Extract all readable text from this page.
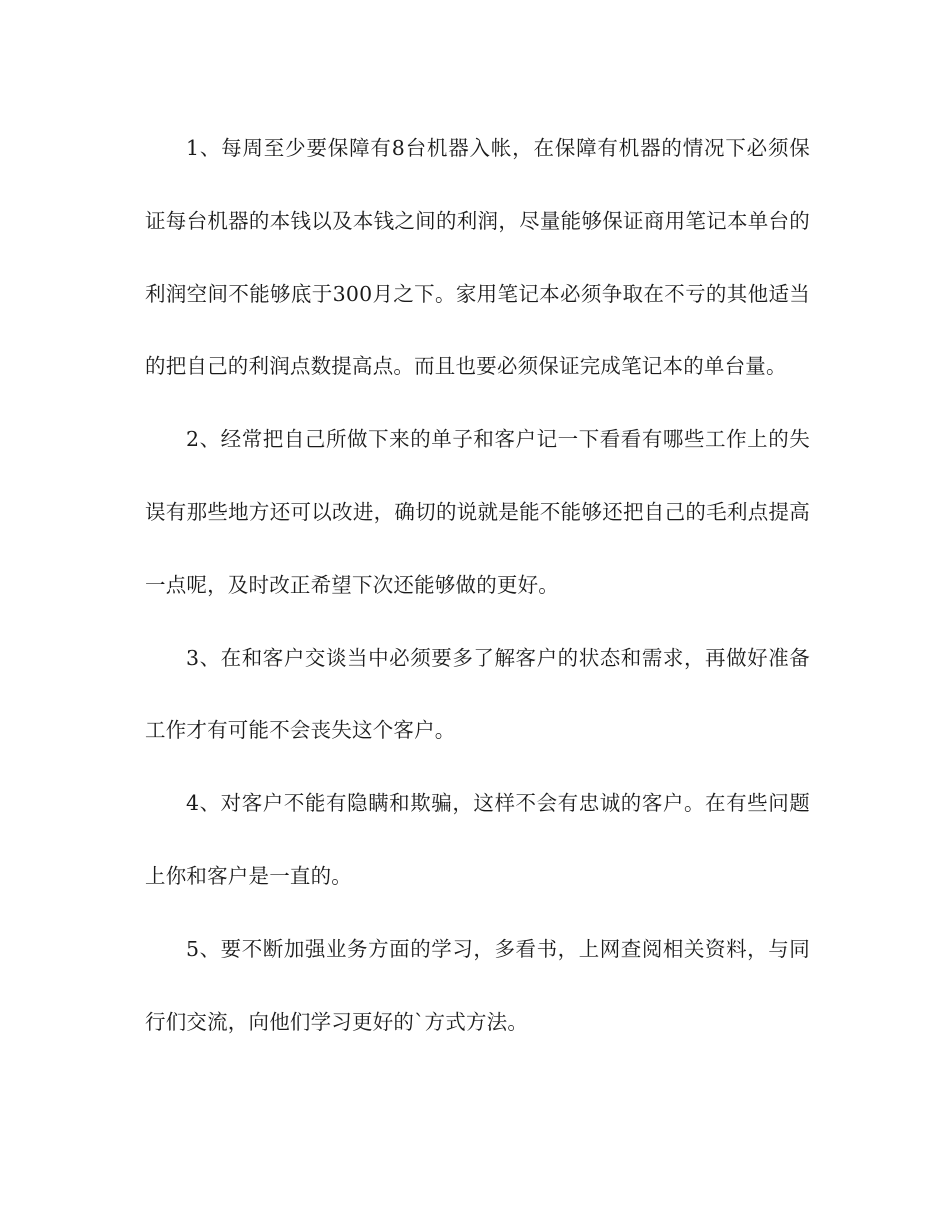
1、每周至少要保障有8台机器入帐，在保障有机器的情况下必须保证每台机器的本钱以及本钱之间的利润，尽量能够保证商用笔记本单台的利润空间不能够底于300月之下。家用笔记本必须争取在不亏的其他适当的把自己的利润点数提高点。而且也要必须保证完成笔记本的单台量。

2、经常把自己所做下来的单子和客户记一下看看有哪些工作上的失误有那些地方还可以改进，确切的说就是能不能够还把自己的毛利点提高一点呢，及时改正希望下次还能够做的更好。

3、在和客户交谈当中必须要多了解客户的状态和需求，再做好准备工作才有可能不会丧失这个客户。

4、对客户不能有隐瞒和欺骗，这样不会有忠诚的客户。在有些问题上你和客户是一直的。

5、要不断加强业务方面的学习，多看书，上网查阅相关资料，与同行们交流，向他们学习更好的`方式方法。
